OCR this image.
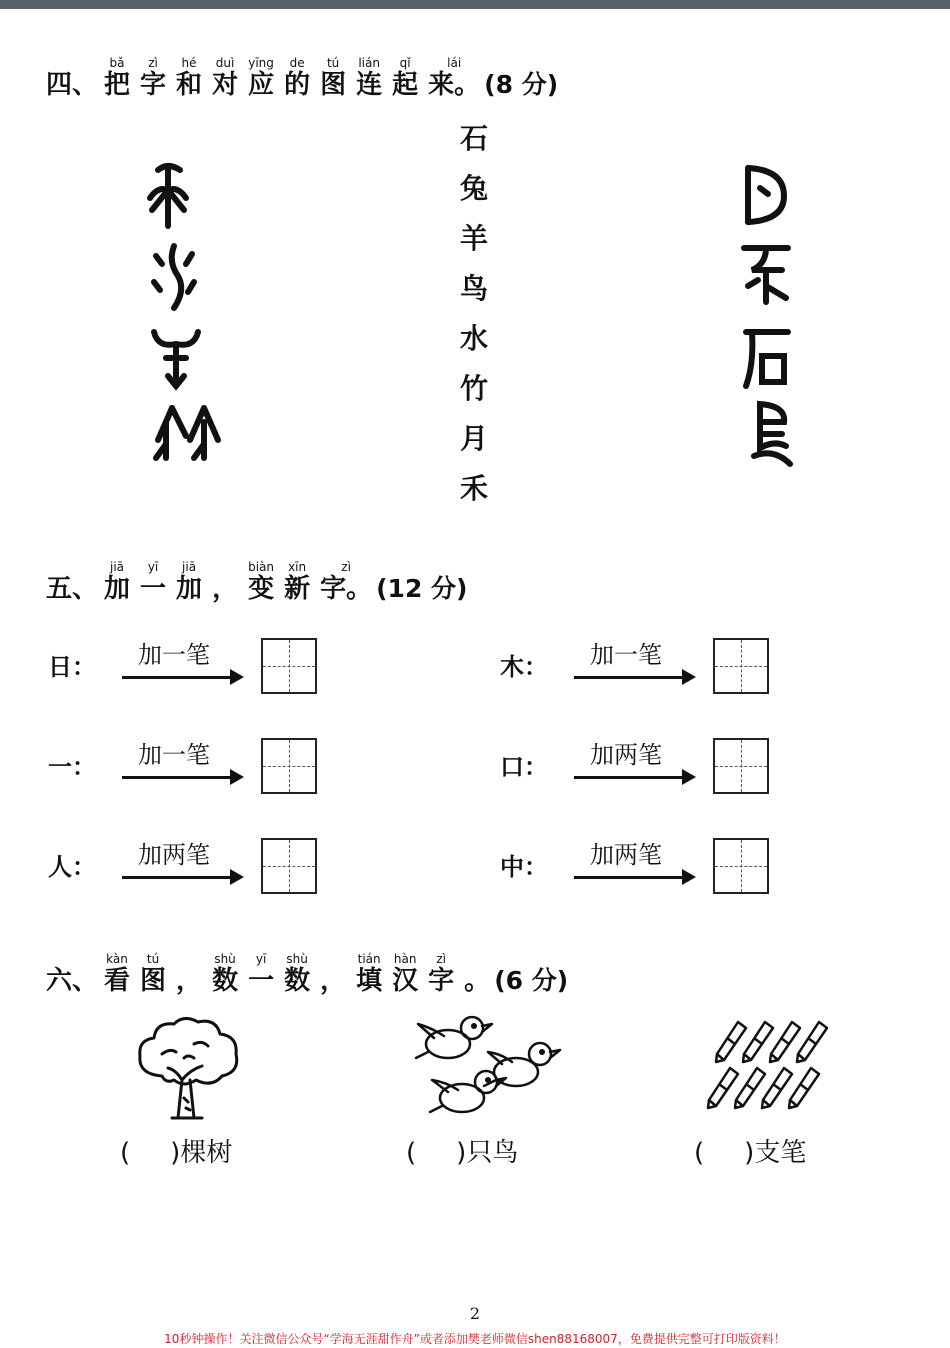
四、
bǎ
把
zì
字
hé
和
duì
对
yīng
应
de
的
tú
图
lián
连
qǐ
起
lái
来。 (8 分)
石
兔
羊
鸟
水
竹
月
禾
五、
jiā
加
yī
一
jiā
加 ，
biàn
变
xīn
新
zì
字。 (12 分)
日： 加一笔	木： 加一笔
一： 加一笔	口： 加两笔
人： 加两笔	中： 加两笔
六、
kàn
看
tú
图 ，
shù
数
yī
一
shù
数 ，
tián
填
hàn
汉
zì
字 。 (6 分)
( )棵树	( )只鸟	( )支笔
2
10秒钟操作！关注微信公众号“学海无涯甜作舟”或者添加樊老师微信shen88168007，免费提供完整可打印版资料！
